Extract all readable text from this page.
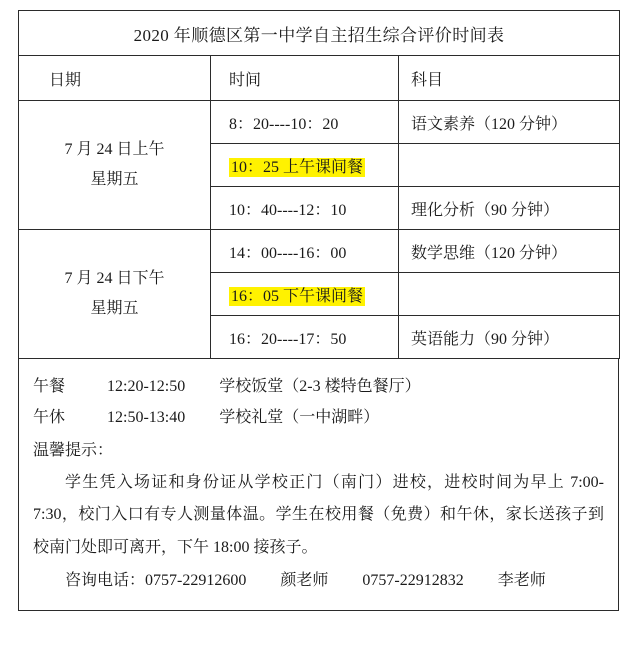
2020 年顺德区第一中学自主招生综合评价时间表		
日期	时间	科目
7 月 24 日上午
星期五	8：20----10：20	语文素养（120 分钟）
	10：25 上午课间餐	
	10：40----12：10	理化分析（90 分钟）
7 月 24 日下午
星期五	14：00----16：00	数学思维（120 分钟）
	16：05 下午课间餐	
	16：20----17：50	英语能力（90 分钟）
午餐	12:20-12:50 学校饭堂（2-3 楼特色餐厅）
午休	12:50-13:40 学校礼堂（一中湖畔）
温馨提示：
学生凭入场证和身份证从学校正门（南门）进校，进校时间为早上 7:00-7:30，校门入口有专人测量体温。学生在校用餐（免费）和午休，家长送孩子到校南门处即可离开，下午 18:00 接孩子。
咨询电话：0757-22912600 颜老师 0757-22912832 李老师
